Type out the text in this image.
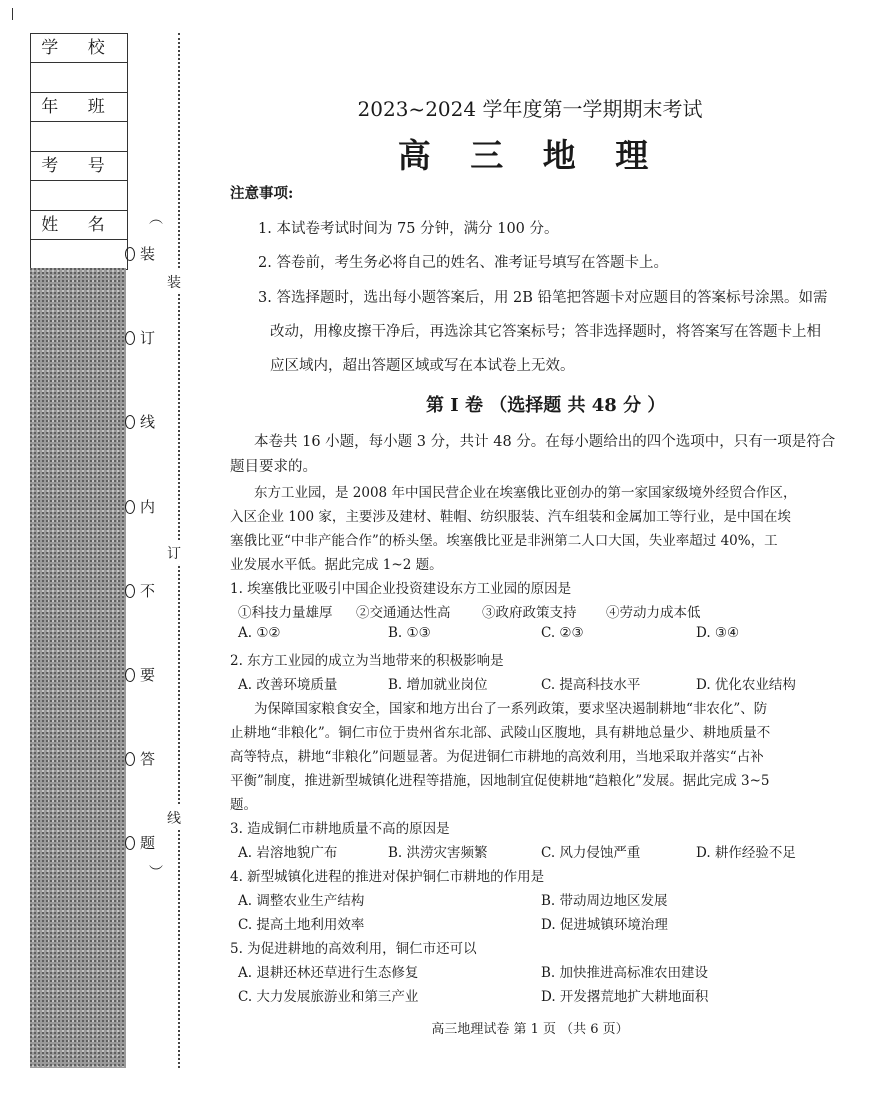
学 校
年 班
考 号
姓 名	︵
装
订
线
内
不
要
答
题
︶
装
订
线
2023~2024 学年度第一学期期末考试
高 三 地 理
注意事项:
1. 本试卷考试时间为 75 分钟，满分 100 分。
2. 答卷前，考生务必将自己的姓名、准考证号填写在答题卡上。
3. 答选择题时，选出每小题答案后，用 2B 铅笔把答题卡对应题目的答案标号涂黑。如需
改动，用橡皮擦干净后，再选涂其它答案标号；答非选择题时，将答案写在答题卡上相
应区域内，超出答题区域或写在本试卷上无效。
第 I 卷 （选择题 共 48 分 ）
本卷共 16 小题，每小题 3 分，共计 48 分。在每小题给出的四个选项中，只有一项是符合
题目要求的。
东方工业园，是 2008 年中国民营企业在埃塞俄比亚创办的第一家国家级境外经贸合作区，
入区企业 100 家，主要涉及建材、鞋帽、纺织服装、汽车组装和金属加工等行业，是中国在埃
塞俄比亚“中非产能合作”的桥头堡。埃塞俄比亚是非洲第二人口大国，失业率超过 40%，工
业发展水平低。据此完成 1~2 题。
1. 埃塞俄比亚吸引中国企业投资建设东方工业园的原因是
①科技力量雄厚 ②交通通达性高 ③政府政策支持 ④劳动力成本低
A. ①②	B. ①③	C. ②③	D. ③④
2. 东方工业园的成立为当地带来的积极影响是
A. 改善环境质量	B. 增加就业岗位	C. 提高科技水平	D. 优化农业结构
为保障国家粮食安全，国家和地方出台了一系列政策，要求坚决遏制耕地“非农化”、防
止耕地“非粮化”。铜仁市位于贵州省东北部、武陵山区腹地，具有耕地总量少、耕地质量不
高等特点，耕地“非粮化”问题显著。为促进铜仁市耕地的高效利用，当地采取并落实“占补
平衡”制度，推进新型城镇化进程等措施，因地制宜促使耕地“趋粮化”发展。据此完成 3~5
题。
3. 造成铜仁市耕地质量不高的原因是
A. 岩溶地貌广布	B. 洪涝灾害频繁	C. 风力侵蚀严重	D. 耕作经验不足
4. 新型城镇化进程的推进对保护铜仁市耕地的作用是
A. 调整农业生产结构	B. 带动周边地区发展
C. 提高土地利用效率	D. 促进城镇环境治理
5. 为促进耕地的高效利用，铜仁市还可以
A. 退耕还林还草进行生态修复	B. 加快推进高标准农田建设
C. 大力发展旅游业和第三产业	D. 开发撂荒地扩大耕地面积
高三地理试卷 第 1 页 （共 6 页）
